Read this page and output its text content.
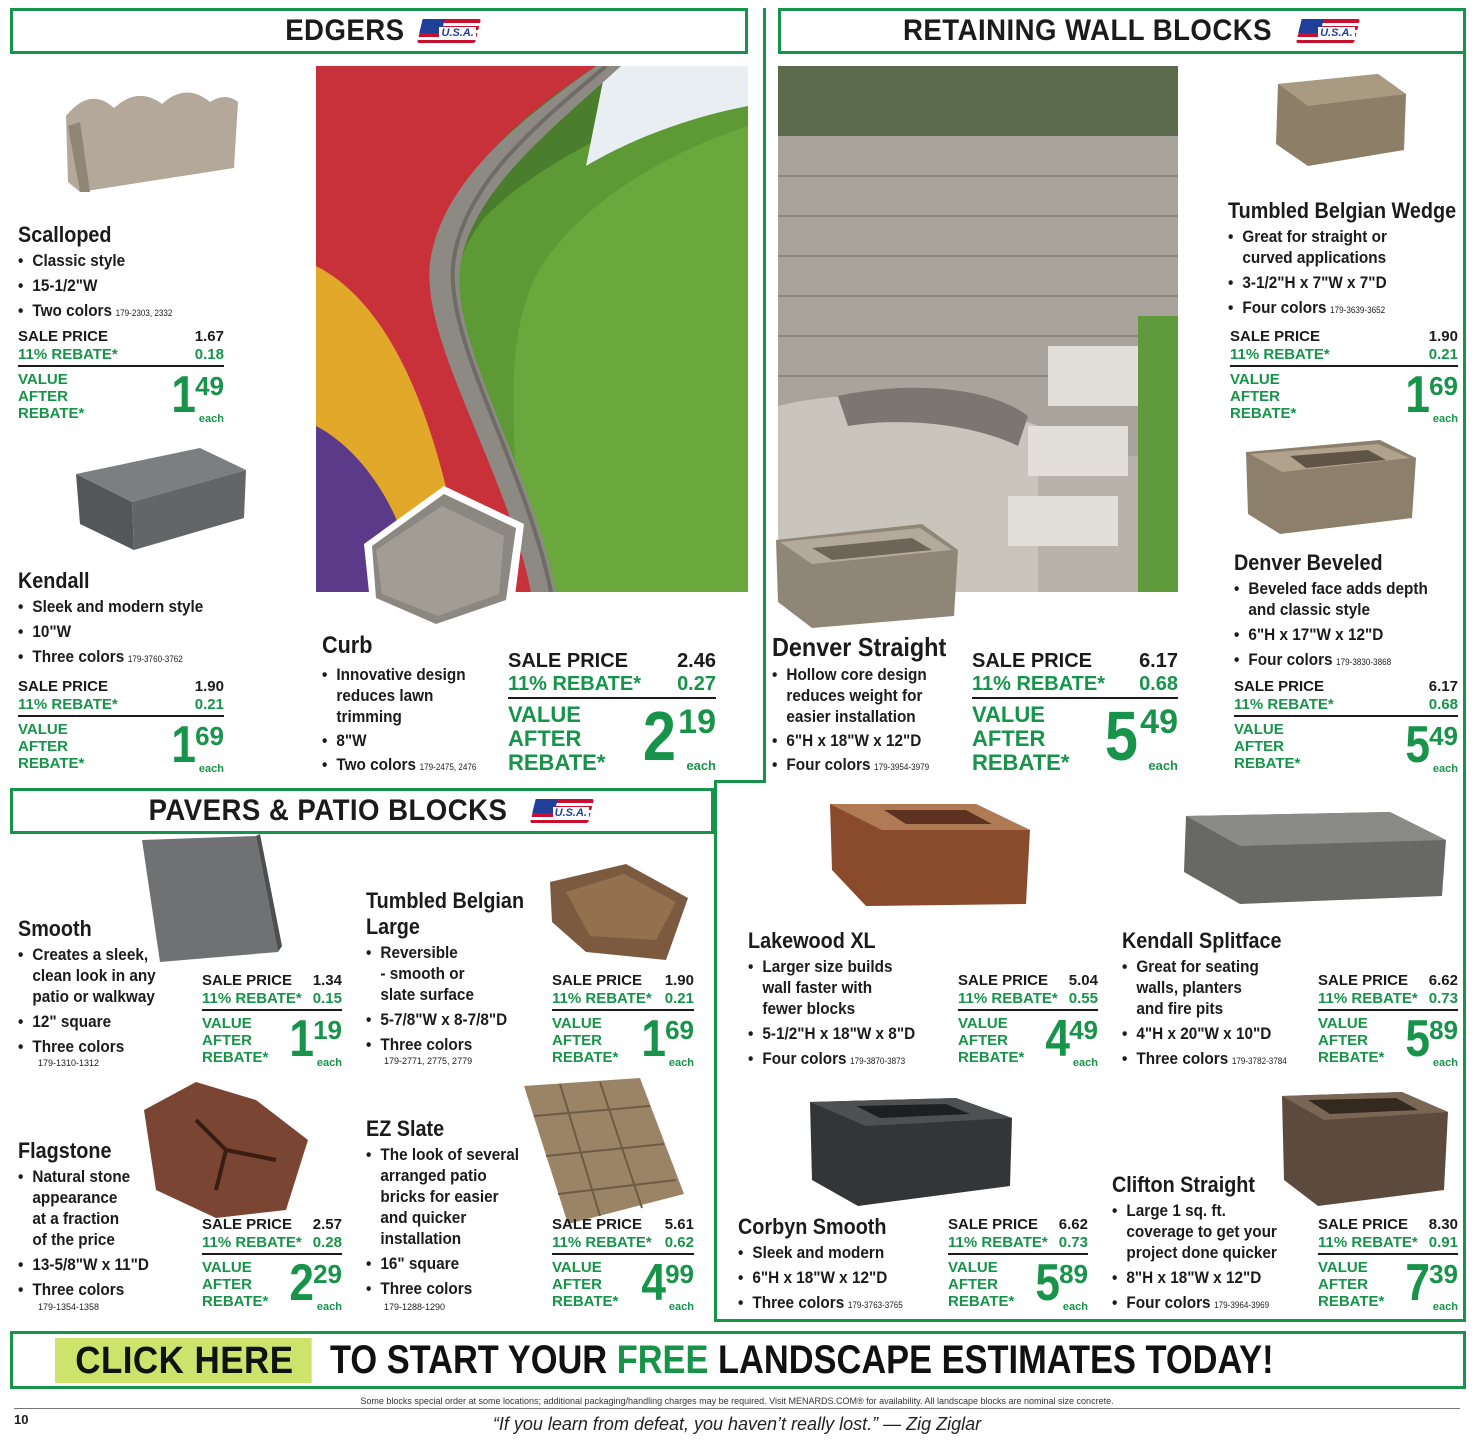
EDGERS	U.S.A.	RETAINING WALL BLOCKS	U.S.A.
PAVERS & PATIO BLOCKS	U.S.A.
Scalloped
• Classic style
• 15-1/2"W
• Two colors 179-2303, 2332
SALE PRICE	1.67
11% REBATE*	0.18
VALUE
AFTER
REBATE*	1 49
each
Kendall
• Sleek and modern style
• 10"W
• Three colors 179-3760-3762
SALE PRICE	1.90
11% REBATE*	0.21
VALUE
AFTER
REBATE*	1 69
each
Curb
• Innovative design
reduces lawn
trimming
• 8"W
• Two colors 179-2475, 2476
SALE PRICE 2.46
11% REBATE* 0.27
VALUE
AFTER
REBATE* 2 19
each
Tumbled Belgian Wedge
• Great for straight or
curved applications
• 3-1/2"H x 7"W x 7"D
• Four colors 179-3639-3652
SALE PRICE	1.90
11% REBATE*	0.21
VALUE
AFTER
REBATE*	1 69
each
Denver Beveled
• Beveled face adds depth
and classic style
• 6"H x 17"W x 12"D
• Four colors 179-3830-3868
SALE PRICE	6.17
11% REBATE*	0.68
VALUE
AFTER
REBATE*	5 49
each
Denver Straight
• Hollow core design
reduces weight for
easier installation
• 6"H x 18"W x 12"D
• Four colors 179-3954-3979
SALE PRICE 6.17
11% REBATE* 0.68
VALUE
AFTER
REBATE* 5 49
each
Smooth
• Creates a sleek,
clean look in any
patio or walkway
• 12" square
• Three colors
179-1310-1312
SALE PRICE 1.34
11% REBATE* 0.15
VALUE
AFTER
REBATE* 1 19
each
Tumbled Belgian
Large
• Reversible
- smooth or
slate surface
• 5-7/8"W x 8-7/8"D
• Three colors
179-2771, 2775, 2779
SALE PRICE 1.90
11% REBATE* 0.21
VALUE
AFTER
REBATE* 1 69
each
Flagstone
• Natural stone
appearance
at a fraction
of the price
• 13-5/8"W x 11"D
• Three colors
179-1354-1358
SALE PRICE 2.57
11% REBATE* 0.28
VALUE
AFTER
REBATE* 2 29
each
EZ Slate
• The look of several
arranged patio
bricks for easier
and quicker
installation
• 16" square
• Three colors
179-1288-1290
SALE PRICE 5.61
11% REBATE* 0.62
VALUE
AFTER
REBATE* 4 99
each
Lakewood XL
• Larger size builds
wall faster with
fewer blocks
• 5-1/2"H x 18"W x 8"D
• Four colors 179-3870-3873
SALE PRICE 5.04
11% REBATE* 0.55
VALUE
AFTER
REBATE* 4 49
each
Kendall Splitface
• Great for seating
walls, planters
and fire pits
• 4"H x 20"W x 10"D
• Three colors 179-3782-3784
SALE PRICE 6.62
11% REBATE* 0.73
VALUE
AFTER
REBATE* 5 89
each
Corbyn Smooth
• Sleek and modern
• 6"H x 18"W x 12"D
• Three colors 179-3763-3765
SALE PRICE 6.62
11% REBATE* 0.73
VALUE
AFTER
REBATE* 5 89
each
Clifton Straight
• Large 1 sq. ft.
coverage to get your
project done quicker
• 8"H x 18"W x 12"D
• Four colors 179-3964-3969
SALE PRICE 8.30
11% REBATE* 0.91
VALUE
AFTER
REBATE* 7 39
each
CLICK HERE TO START YOUR FREE LANDSCAPE ESTIMATES TODAY!
Some blocks special order at some locations; additional packaging/handling charges may be required. Visit MENARDS.COM® for availability. All landscape blocks are nominal size concrete.
10	“If you learn from defeat, you haven’t really lost.” — Zig Ziglar
